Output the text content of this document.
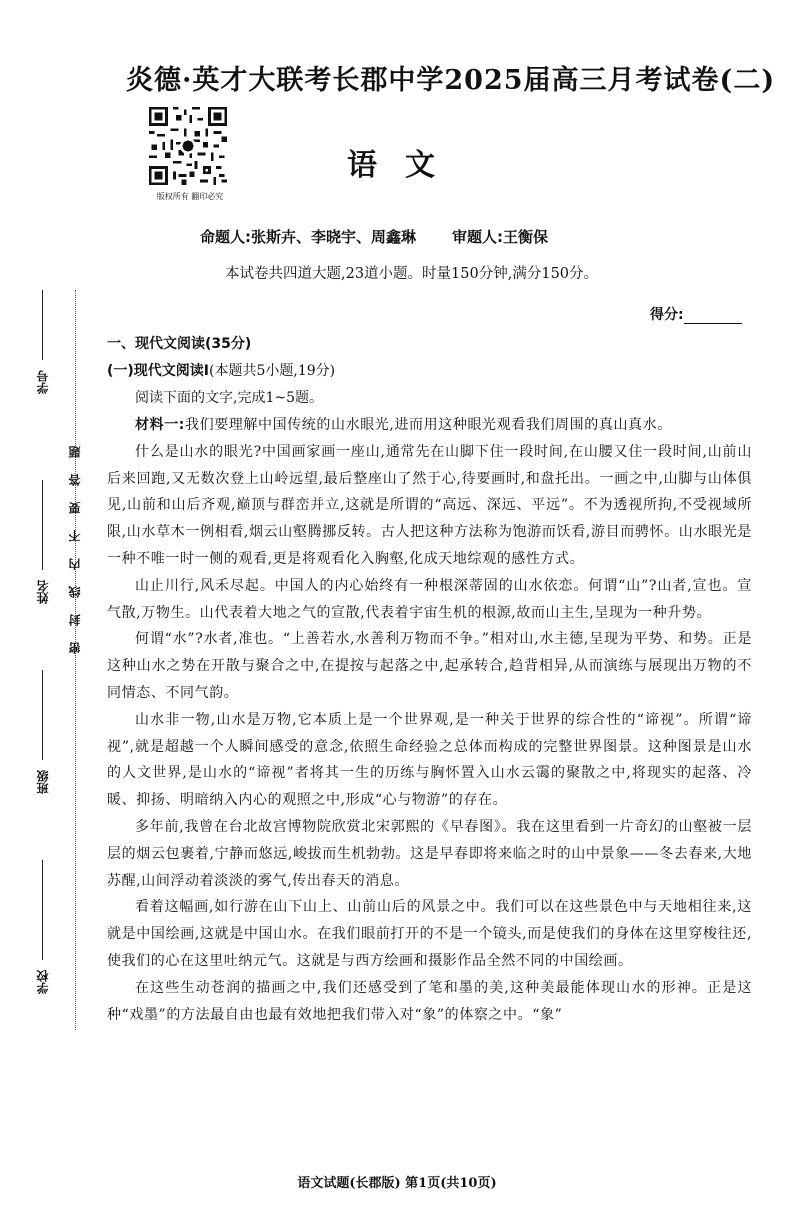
炎德·英才大联考长郡中学2025届高三月考试卷(二)
版权所有 翻印必究
语文
命题人:张斯卉、李晓宇、周鑫琳 审题人:王衡保
本试卷共四道大题,23道小题。时量150分钟,满分150分。
得分:
学号
姓名
班级
学校
密封线内不要答题
一、现代文阅读(35分)
(一)现代文阅读Ⅰ(本题共5小题,19分)
阅读下面的文字,完成1~5题。

材料一:我们要理解中国传统的山水眼光,进而用这种眼光观看我们周围的真山真水。

什么是山水的眼光?中国画家画一座山,通常先在山脚下住一段时间,在山腰又住一段时间,山前山后来回跑,又无数次登上山岭远望,最后整座山了然于心,待要画时,和盘托出。一画之中,山脚与山体俱见,山前和山后齐观,巅顶与群峦并立,这就是所谓的“高远、深远、平远”。不为透视所拘,不受视域所限,山水草木一例相看,烟云山壑腾挪反转。古人把这种方法称为饱游而饫看,游目而骋怀。山水眼光是一种不唯一时一侧的观看,更是将观看化入胸壑,化成天地综观的感性方式。

山止川行,风禾尽起。中国人的内心始终有一种根深蒂固的山水依恋。何谓“山”?山者,宣也。宣气散,万物生。山代表着大地之气的宣散,代表着宇宙生机的根源,故而山主生,呈现为一种升势。

何谓“水”?水者,准也。“上善若水,水善利万物而不争。”相对山,水主德,呈现为平势、和势。正是这种山水之势在开散与聚合之中,在提按与起落之中,起承转合,趋背相异,从而演练与展现出万物的不同情态、不同气韵。

山水非一物,山水是万物,它本质上是一个世界观,是一种关于世界的综合性的“谛视”。所谓“谛视”,就是超越一个人瞬间感受的意念,依照生命经验之总体而构成的完整世界图景。这种图景是山水的人文世界,是山水的“谛视”者将其一生的历练与胸怀置入山水云霭的聚散之中,将现实的起落、冷暖、抑扬、明暗纳入内心的观照之中,形成“心与物游”的存在。

多年前,我曾在台北故宫博物院欣赏北宋郭熙的《早春图》。我在这里看到一片奇幻的山壑被一层层的烟云包裹着,宁静而悠远,峻拔而生机勃勃。这是早春即将来临之时的山中景象——冬去春来,大地苏醒,山间浮动着淡淡的雾气,传出春天的消息。

看着这幅画,如行游在山下山上、山前山后的风景之中。我们可以在这些景色中与天地相往来,这就是中国绘画,这就是中国山水。在我们眼前打开的不是一个镜头,而是使我们的身体在这里穿梭往还,使我们的心在这里吐纳元气。这就是与西方绘画和摄影作品全然不同的中国绘画。

在这些生动苍润的描画之中,我们还感受到了笔和墨的美,这种美最能体现山水的形神。正是这种“戏墨”的方法最自由也最有效地把我们带入对“象”的体察之中。“象”

语文试题(长郡版) 第1页(共10页)
